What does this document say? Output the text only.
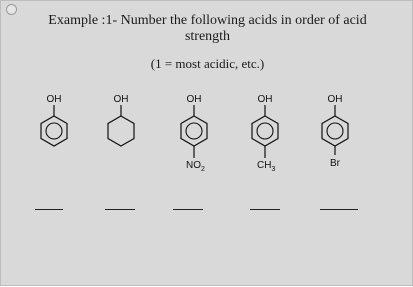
Example :1- Number the following acids in order of acid
strength
(1 = most acidic, etc.)
OH	OH	OH
$NO_2$
OH
$CH_3$
OH
Br
